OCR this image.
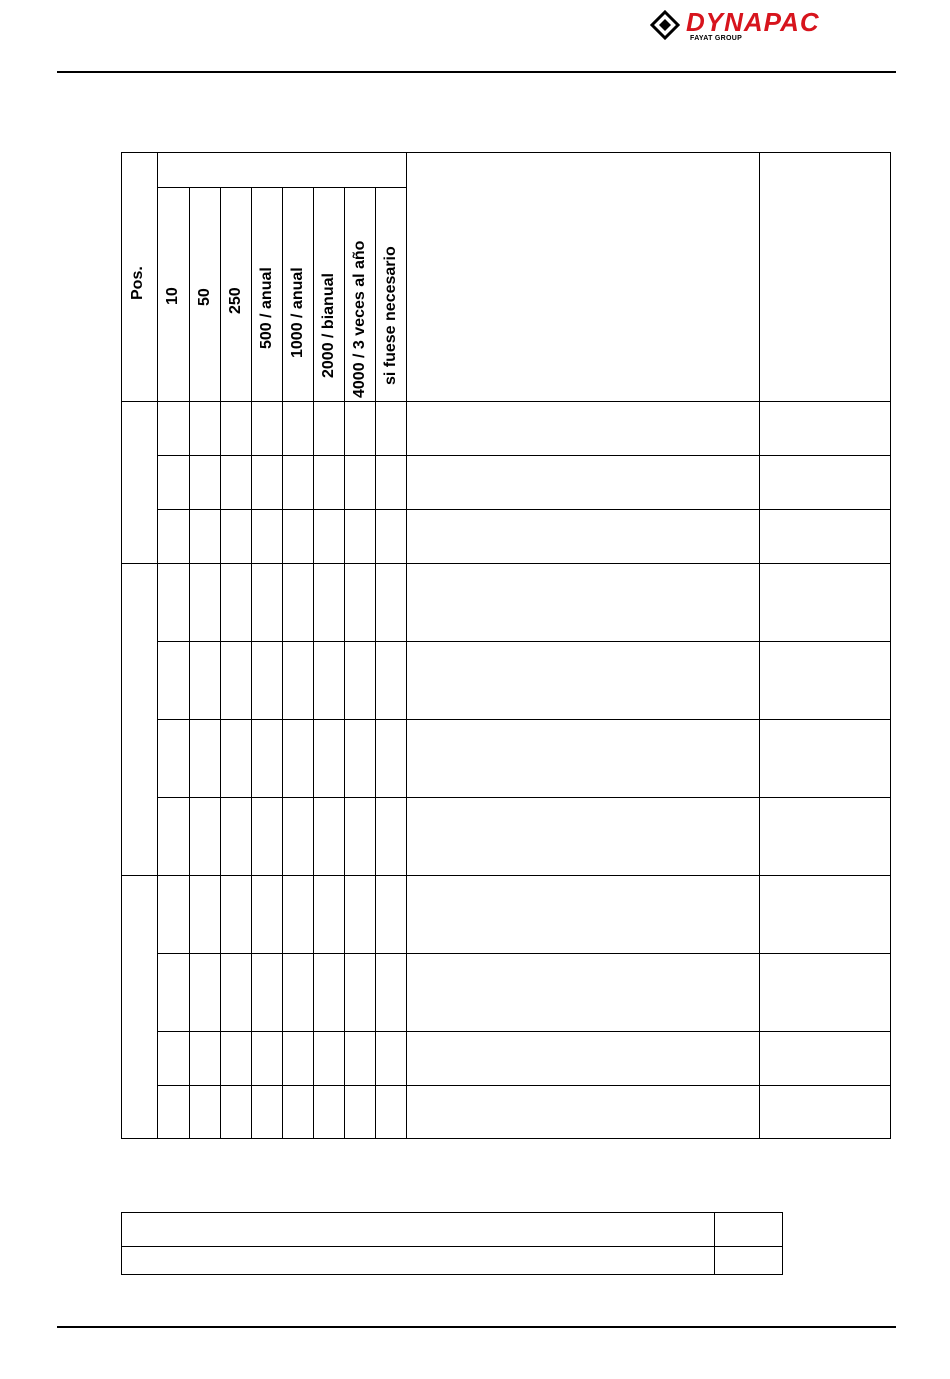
DYNAPAC
FAYAT GROUP
Pos. 10 50 250 500 / anual 1000 / anual 2000 / bianual 4000 / 3 veces al año si fuese necesario
